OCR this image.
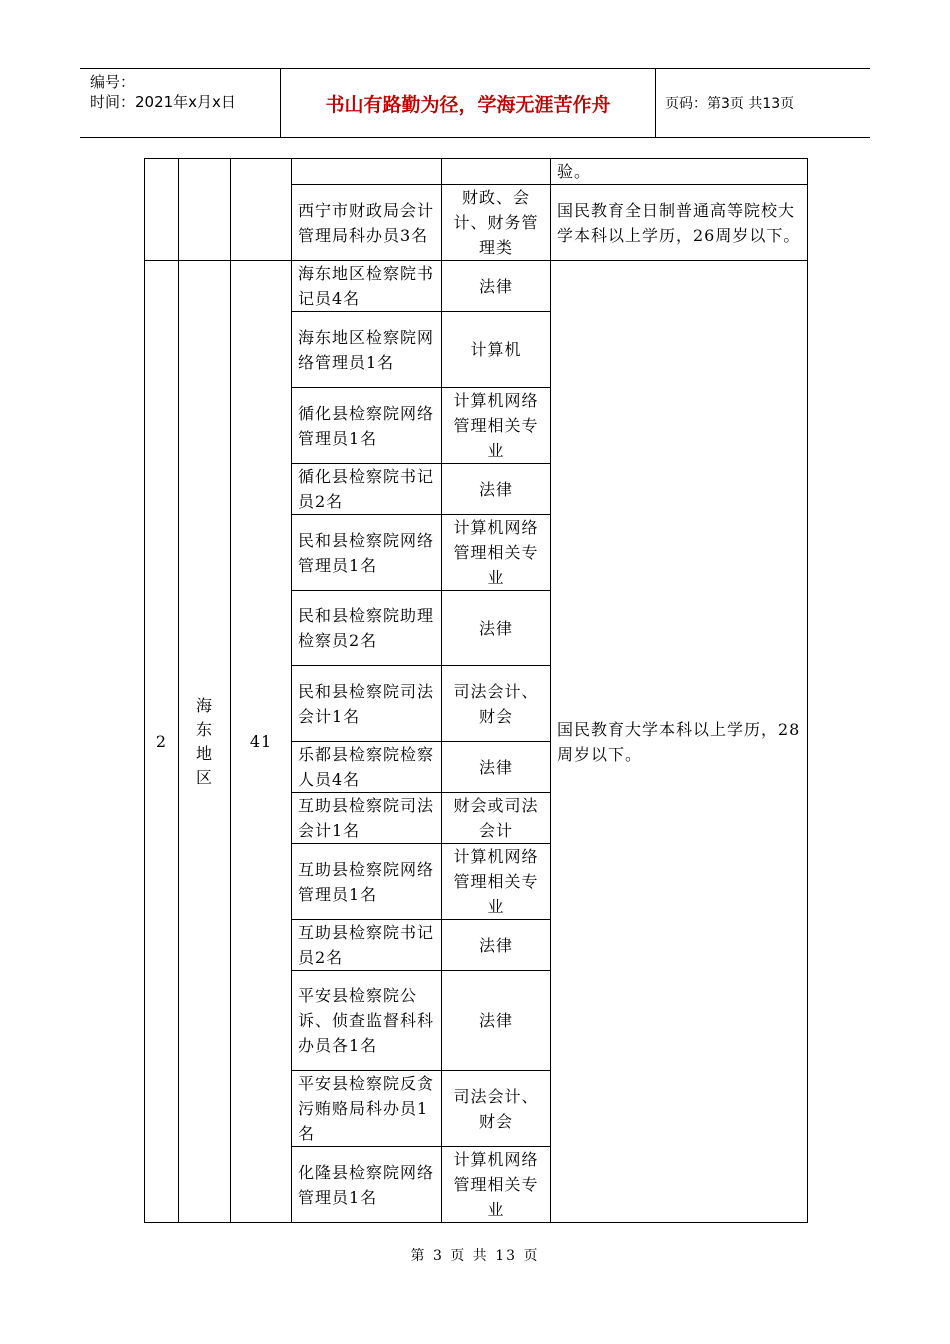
编号：
时间：2021年x月x日	书山有路勤为径，学海无涯苦作舟	页码：第3页 共13页
					验。
			西宁市财政局会计管理局科办员3名	财政、会计、财务管理类	国民教育全日制普通高等院校大学本科以上学历，26周岁以下。
2	海东地区	41	海东地区检察院书记员4名	法律	国民教育大学本科以上学历，28周岁以下。
			海东地区检察院网络管理员1名	计算机	
			循化县检察院网络管理员1名	计算机网络管理相关专业	
			循化县检察院书记员2名	法律	
			民和县检察院网络管理员1名	计算机网络管理相关专业	
			民和县检察院助理检察员2名	法律	
			民和县检察院司法会计1名	司法会计、财会	
			乐都县检察院检察人员4名	法律	
			互助县检察院司法会计1名	财会或司法会计	
			互助县检察院网络管理员1名	计算机网络管理相关专业	
			互助县检察院书记员2名	法律	
			平安县检察院公诉、侦查监督科科办员各1名	法律	
			平安县检察院反贪污贿赂局科办员1名	司法会计、财会	
			化隆县检察院网络管理员1名	计算机网络管理相关专业	
第 3 页 共 13 页
